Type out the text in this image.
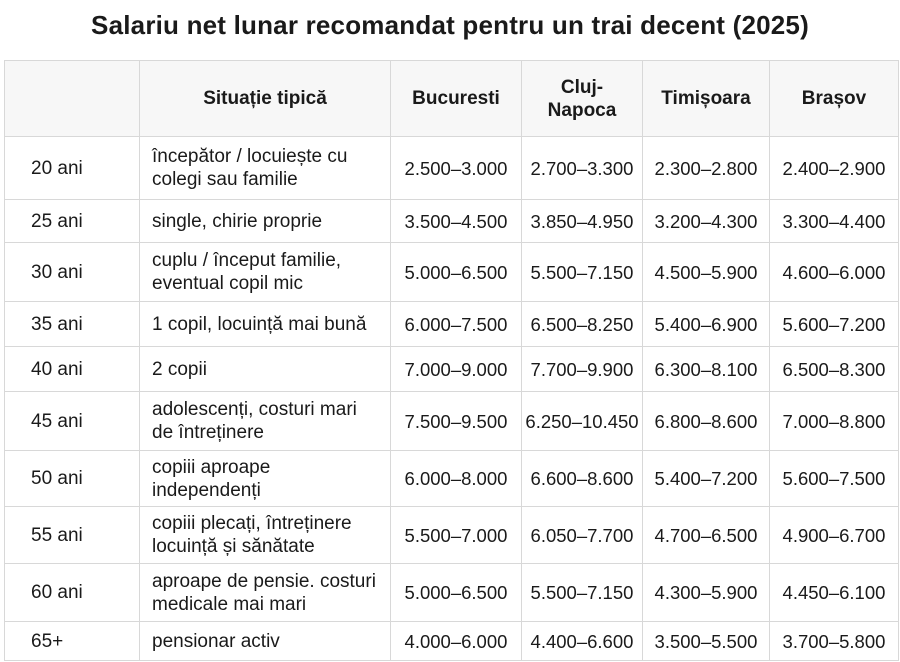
Salariu net lunar recomandat pentru un trai decent (2025)
	Situație tipică	Bucuresti	Cluj-Napoca	Timișoara	Brașov
20 ani	începător / locuiește cu colegi sau familie	2.500–3.000	2.700–3.300	2.300–2.800	2.400–2.900
25 ani	single, chirie proprie	3.500–4.500	3.850–4.950	3.200–4.300	3.300–4.400
30 ani	cuplu / început familie, eventual copil mic	5.000–6.500	5.500–7.150	4.500–5.900	4.600–6.000
35 ani	1 copil, locuință mai bună	6.000–7.500	6.500–8.250	5.400–6.900	5.600–7.200
40 ani	2 copii	7.000–9.000	7.700–9.900	6.300–8.100	6.500–8.300
45 ani	adolescenți, costuri mari de întreținere	7.500–9.500	6.250–10.450	6.800–8.600	7.000–8.800
50 ani	copiii aproape independenți	6.000–8.000	6.600–8.600	5.400–7.200	5.600–7.500
55 ani	copiii plecați, întreținere locuință și sănătate	5.500–7.000	6.050–7.700	4.700–6.500	4.900–6.700
60 ani	aproape de pensie. costuri medicale mai mari	5.000–6.500	5.500–7.150	4.300–5.900	4.450–6.100
65+	pensionar activ	4.000–6.000	4.400–6.600	3.500–5.500	3.700–5.800
